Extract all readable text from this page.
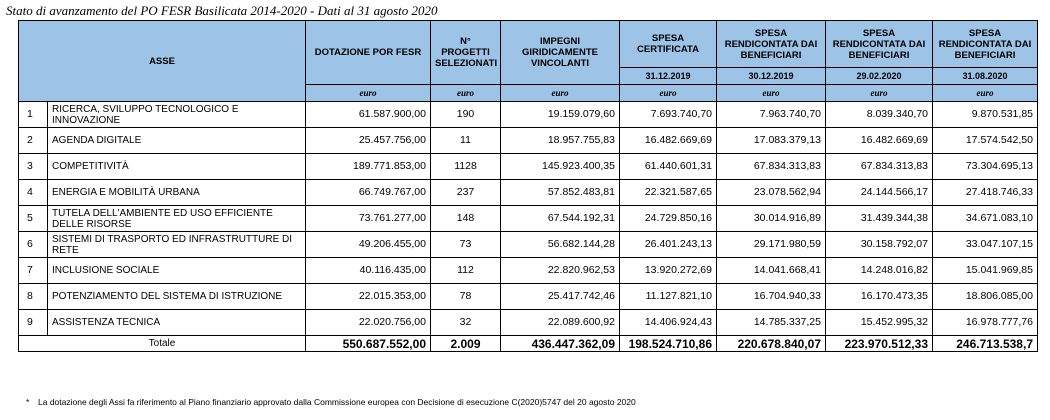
Stato di avanzamento del PO FESR Basilicata 2014-2020 - Dati al 31 agosto 2020
ASSE		DOTAZIONE POR FESR	N° PROGETTI SELEZIONATI	IMPEGNI GIRIDICAMENTE VINCOLANTI	SPESA CERTIFICATA	SPESA RENDICONTATA DAI BENEFICIARI	SPESA RENDICONTATA DAI BENEFICIARI	SPESA RENDICONTATA DAI BENEFICIARI
					31.12.2019	30.12.2019	29.02.2020	31.08.2020
		euro	euro	euro	euro	euro	euro	euro
1	RICERCA, SVILUPPO TECNOLOGICO E INNOVAZIONE	61.587.900,00	190	19.159.079,60	7.693.740,70	7.963.740,70	8.039.340,70	9.870.531,85
2	AGENDA DIGITALE	25.457.756,00	11	18.957.755,83	16.482.669,69	17.083.379,13	16.482.669,69	17.574.542,50
3	COMPETITIVITÀ	189.771.853,00	1128	145.923.400,35	61.440.601,31	67.834.313,83	67.834.313,83	73.304.695,13
4	ENERGIA E MOBILITÀ URBANA	66.749.767,00	237	57.852.483,81	22.321.587,65	23.078.562,94	24.144.566,17	27.418.746,33
5	TUTELA DELL'AMBIENTE ED USO EFFICIENTE DELLE RISORSE	73.761.277,00	148	67.544.192,31	24.729.850,16	30.014.916,89	31.439.344,38	34.671.083,10
6	SISTEMI DI TRASPORTO ED INFRASTRUTTURE DI RETE	49.206.455,00	73	56.682.144,28	26.401.243,13	29.171.980,59	30.158.792,07	33.047.107,15
7	INCLUSIONE SOCIALE	40.116.435,00	112	22.820.962,53	13.920.272,69	14.041.668,41	14.248.016,82	15.041.969,85
8	POTENZIAMENTO DEL SISTEMA DI ISTRUZIONE	22.015.353,00	78	25.417.742,46	11.127.821,10	16.704.940,33	16.170.473,35	18.806.085,00
9	ASSISTENZA TECNICA	22.020.756,00	32	22.089.600,92	14.406.924,43	14.785.337,25	15.452.995,32	16.978.777,76
Totale		550.687.552,00	2.009	436.447.362,09	198.524.710,86	220.678.840,07	223.970.512,33	246.713.538,7
* La dotazione degli Assi fa riferimento al Piano finanziario approvato dalla Commissione europea con Decisione di esecuzione C(2020)5747 del 20 agosto 2020
